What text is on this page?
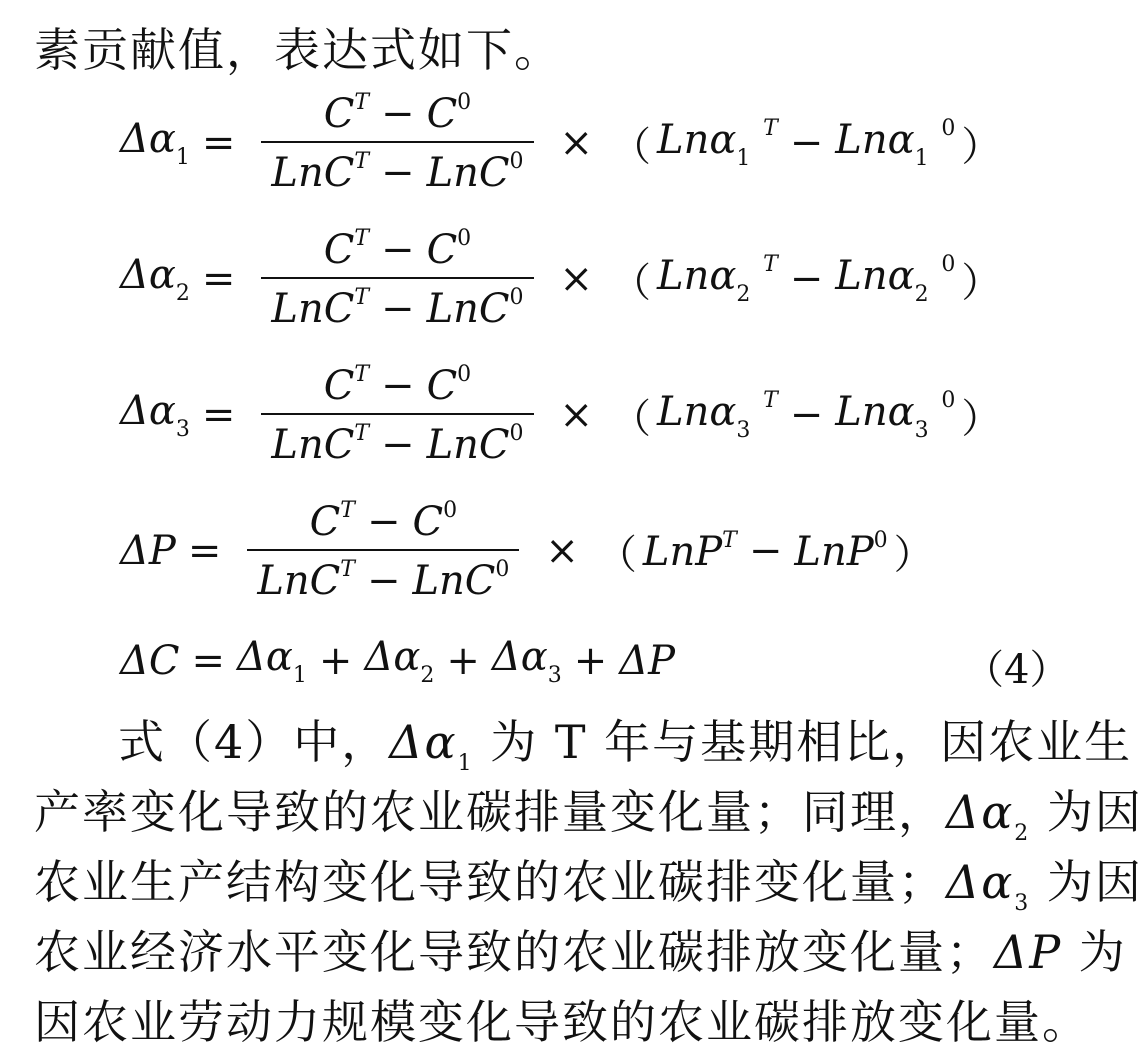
素贡献值，表达式如下。
$\Delta\alpha_1 = \frac{C^T - C^0}{LnC^T - LnC^0}$ × （ Lnα$_1$ $^T$ − Lnα$_1$ $^0$ ）
$\Delta\alpha_2 = \frac{C^T - C^0}{LnC^T - LnC^0}$ × （ Lnα$_2$ $^T$ − Lnα$_2$ $^0$ ）
$\Delta\alpha_3 = \frac{C^T - C^0}{LnC^T - LnC^0}$ × （ Lnα$_3$ $^T$ − Lnα$_3$ $^0$ ）
$\Delta P = \frac{C^T - C^0}{LnC^T - LnC^0}$ × （ LnP$^T$ − LnP$^0$ ）
$\Delta C = \Delta\alpha_1 + \Delta\alpha_2 + \Delta\alpha_3 + \Delta P$	（4）
式（4）中，$\Delta\alpha_1$ 为 T 年与基期相比，因农业生
产率变化导致的农业碳排量变化量；同理，$\Delta\alpha_2$ 为因
农业生产结构变化导致的农业碳排变化量；$\Delta\alpha_3$ 为因
农业经济水平变化导致的农业碳排放变化量；ΔP 为
因农业劳动力规模变化导致的农业碳排放变化量。
